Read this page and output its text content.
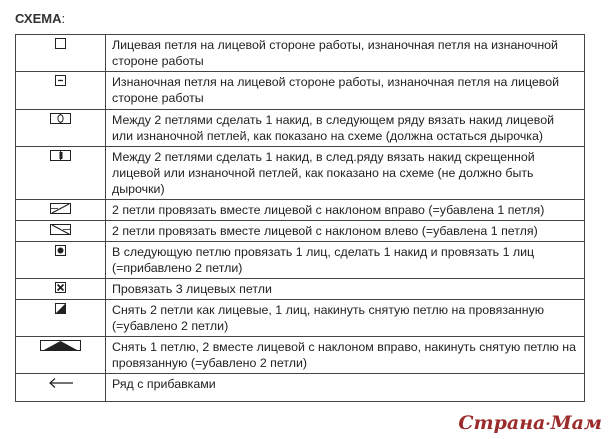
СХЕМА:
	Лицевая петля на лицевой стороне работы, изнаночная петля на изнаночной стороне работы

	Изнаночная петля на лицевой стороне работы, изнаночная петля на лицевой стороне работы

	Между 2 петлями сделать 1 накид, в следующем ряду вязать накид лицевой или изнаночной петлей, как показано на схеме (должна остаться дырочка)

	Между 2 петлями сделать 1 накид, в след.ряду вязать накид скрещенной лицевой или изнаночной петлей, как показано на схеме (не должно быть дырочки)

	2 петли провязать вместе лицевой с наклоном вправо (=убавлена 1 петля)

	2 петли провязать вместе лицевой с наклоном влево (=убавлена 1 петля)

	В следующую петлю провязать 1 лиц, сделать 1 накид и провязать 1 лиц (=прибавлено 2 петли)

	Провязать 3 лицевых петли

	Снять 2 петли как лицевые, 1 лиц, накинуть снятую петлю на провязанную (=убавлено 2 петли)

	Снять 1 петлю, 2 вместе лицевой с наклоном вправо, накинуть снятую петлю на провязанную (=убавлено 2 петли)

	Ряд с прибавками
Страна·Мам
